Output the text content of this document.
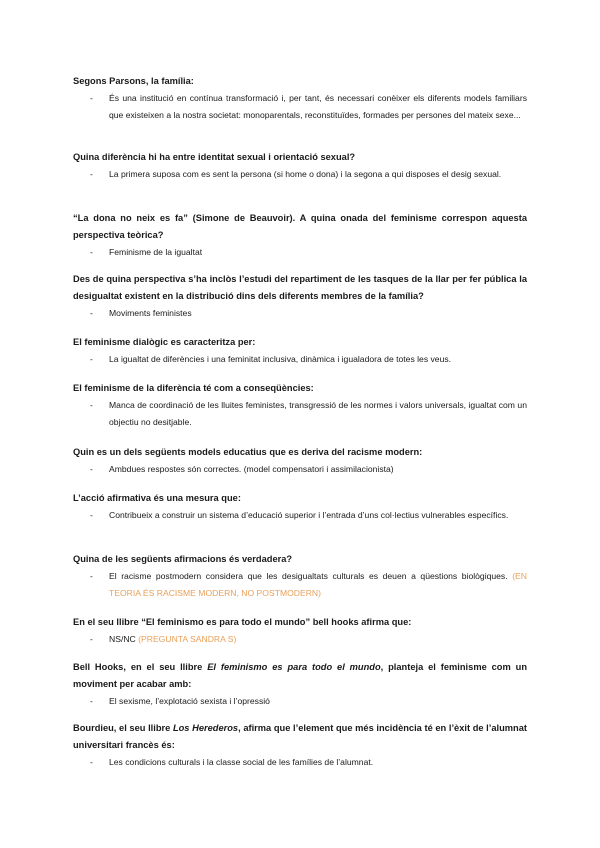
Segons Parsons, la família:

- És una institució en contínua transformació i, per tant, és necessari conèixer els diferents models familiars que existeixen a la nostra societat: monoparentals, reconstituïdes, formades per persones del mateix sexe...

Quina diferència hi ha entre identitat sexual i orientació sexual?

- La primera suposa com es sent la persona (si home o dona) i la segona a qui disposes el desig sexual.

“La dona no neix es fa” (Simone de Beauvoir). A quina onada del feminisme correspon aquesta perspectiva teòrica?

- Feminisme de la igualtat

Des de quina perspectiva s’ha inclòs l’estudi del repartiment de les tasques de la llar per fer pública la desigualtat existent en la distribució dins dels diferents membres de la família?

- Moviments feministes

El feminisme dialògic es caracteritza per:

- La igualtat de diferències i una feminitat inclusiva, dinàmica i igualadora de totes les veus.

El feminisme de la diferència té com a conseqüències:

- Manca de coordinació de les lluites feministes, transgressió de les normes i valors universals, igualtat com un objectiu no desitjable.

Quin es un dels següents models educatius que es deriva del racisme modern:

- Ambdues respostes són correctes. (model compensatori i assimilacionista)

L’acció afirmativa és una mesura que:

- Contribueix a construir un sistema d’educació superior i l’entrada d’uns col·lectius vulnerables específics.

Quina de les següents afirmacions és verdadera?

- El racisme postmodern considera que les desigualtats culturals es deuen a qüestions biològiques. (EN TEORIA ÉS RACISME MODERN, NO POSTMODERN)

En el seu llibre “El feminismo es para todo el mundo” bell hooks afirma que:

- NS/NC (PREGUNTA SANDRA S)

Bell Hooks, en el seu llibre El feminismo es para todo el mundo, planteja el feminisme com un moviment per acabar amb:

- El sexisme, l’explotació sexista i l’opressió

Bourdieu, el seu llibre Los Herederos, afirma que l’element que més incidència té en l’èxit de l’alumnat universitari francès és:

- Les condicions culturals i la classe social de les famílies de l’alumnat.
